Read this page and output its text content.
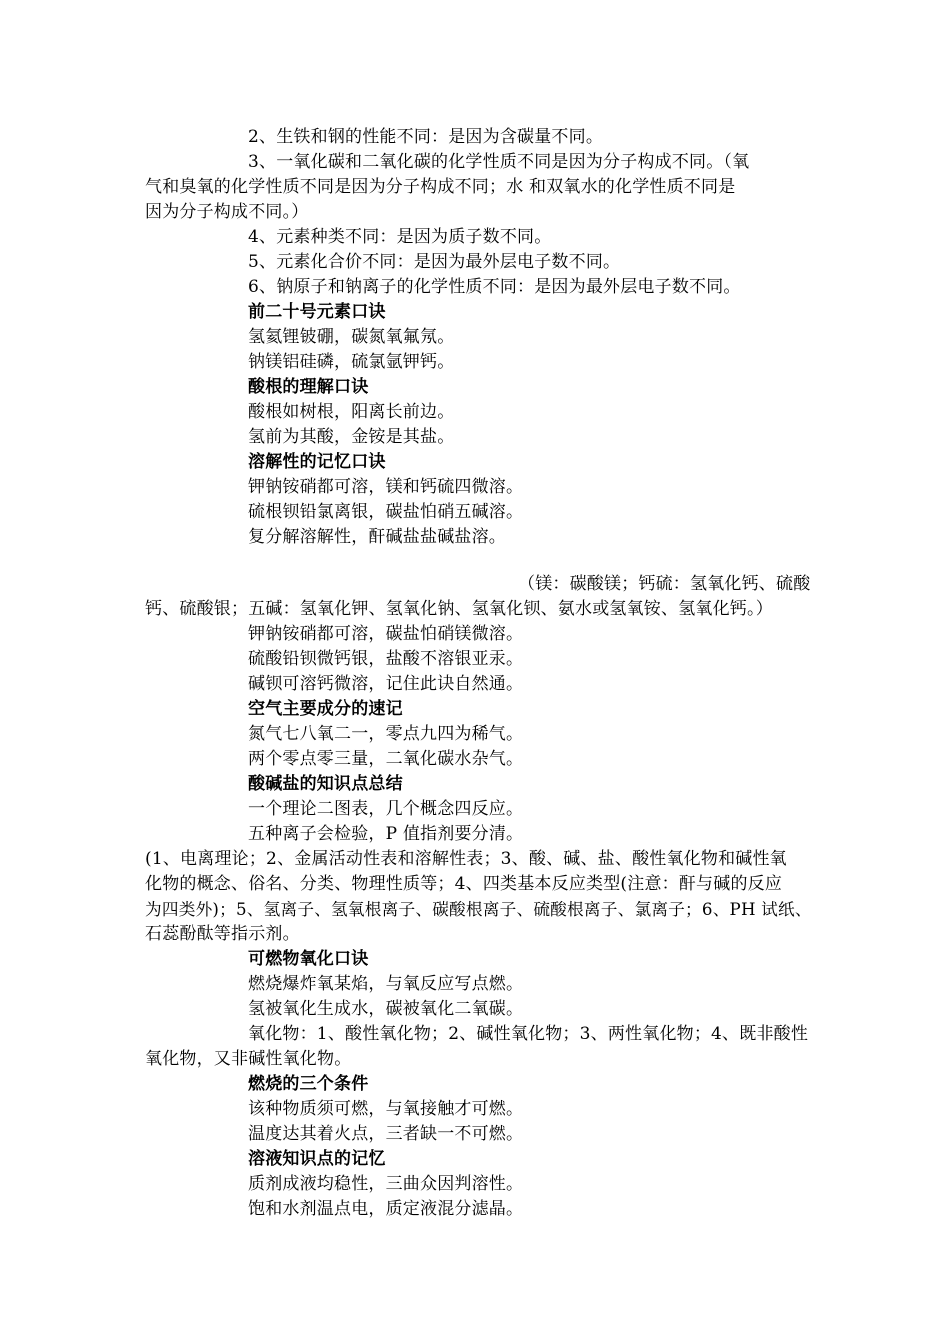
2、生铁和钢的性能不同：是因为含碳量不同。
3、一氧化碳和二氧化碳的化学性质不同是因为分子构成不同。（氧
气和臭氧的化学性质不同是因为分子构成不同；水 和双氧水的化学性质不同是
因为分子构成不同。）
4、元素种类不同：是因为质子数不同。
5、元素化合价不同：是因为最外层电子数不同。
6、钠原子和钠离子的化学性质不同：是因为最外层电子数不同。
前二十号元素口诀
氢氦锂铍硼，碳氮氧氟氖。
钠镁铝硅磷，硫氯氩钾钙。
酸根的理解口诀
酸根如树根，阳离长前边。
氢前为其酸，金铵是其盐。
溶解性的记忆口诀
钾钠铵硝都可溶，镁和钙硫四微溶。
硫根钡铅氯离银，碳盐怕硝五碱溶。
复分解溶解性，酐碱盐盐碱盐溶。
（镁：碳酸镁；钙硫：氢氧化钙、硫酸
钙、硫酸银；五碱：氢氧化钾、氢氧化钠、氢氧化钡、氨水或氢氧铵、氢氧化钙。）
钾钠铵硝都可溶，碳盐怕硝镁微溶。
硫酸铅钡微钙银，盐酸不溶银亚汞。
碱钡可溶钙微溶，记住此诀自然通。
空气主要成分的速记
氮气七八氧二一，零点九四为稀气。
两个零点零三量，二氧化碳水杂气。
酸碱盐的知识点总结
一个理论二图表，几个概念四反应。
五种离子会检验，P 值指剂要分清。
(1、电离理论；2、金属活动性表和溶解性表；3、酸、碱、盐、酸性氧化物和碱性氧
化物的概念、俗名、分类、物理性质等；4、四类基本反应类型(注意：酐与碱的反应
为四类外)；5、氢离子、氢氧根离子、碳酸根离子、硫酸根离子、氯离子；6、PH 试纸、
石蕊酚酞等指示剂。
可燃物氧化口诀
燃烧爆炸氧某焰，与氧反应写点燃。
氢被氧化生成水，碳被氧化二氧碳。
氧化物：1、酸性氧化物；2、碱性氧化物；3、两性氧化物；4、既非酸性
氧化物，又非碱性氧化物。
燃烧的三个条件
该种物质须可燃，与氧接触才可燃。
温度达其着火点，三者缺一不可燃。
溶液知识点的记忆
质剂成液均稳性，三曲众因判溶性。
饱和水剂温点电，质定液混分滤晶。
